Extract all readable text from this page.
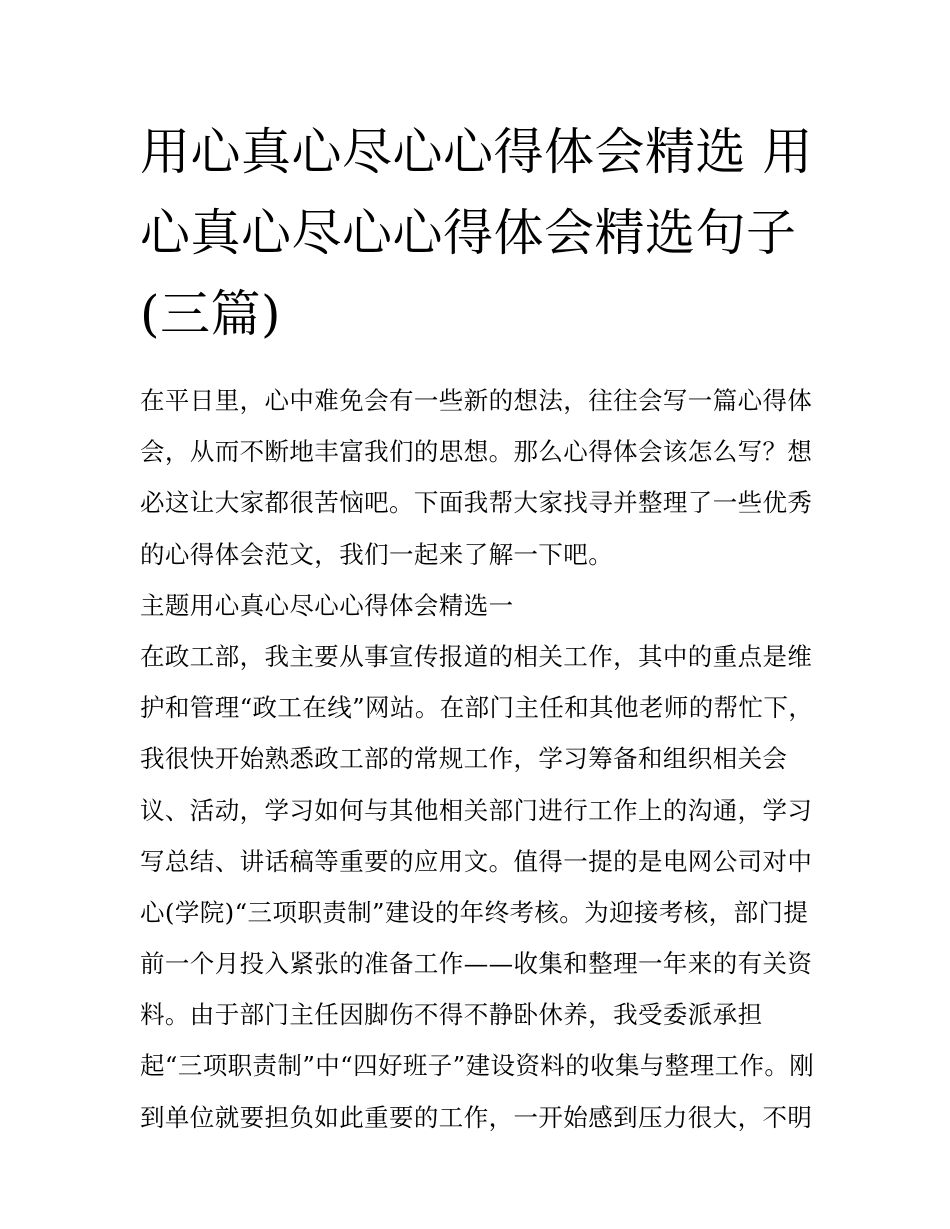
用心真心尽心心得体会精选 用心真心尽心心得体会精选句子(三篇)
在平日里，心中难免会有一些新的想法，往往会写一篇心得体
会，从而不断地丰富我们的思想。那么心得体会该怎么写？想
必这让大家都很苦恼吧。下面我帮大家找寻并整理了一些优秀
的心得体会范文，我们一起来了解一下吧。
主题用心真心尽心心得体会精选一
在政工部，我主要从事宣传报道的相关工作，其中的重点是维
护和管理“政工在线”网站。在部门主任和其他老师的帮忙下，
我很快开始熟悉政工部的常规工作，学习筹备和组织相关会
议、活动，学习如何与其他相关部门进行工作上的沟通，学习
写总结、讲话稿等重要的应用文。值得一提的是电网公司对中
心(学院)“三项职责制”建设的年终考核。为迎接考核，部门提
前一个月投入紧张的准备工作——收集和整理一年来的有关资
料。由于部门主任因脚伤不得不静卧休养，我受委派承担
起“三项职责制”中“四好班子”建设资料的收集与整理工作。刚
到单位就要担负如此重要的工作，一开始感到压力很大，不明
